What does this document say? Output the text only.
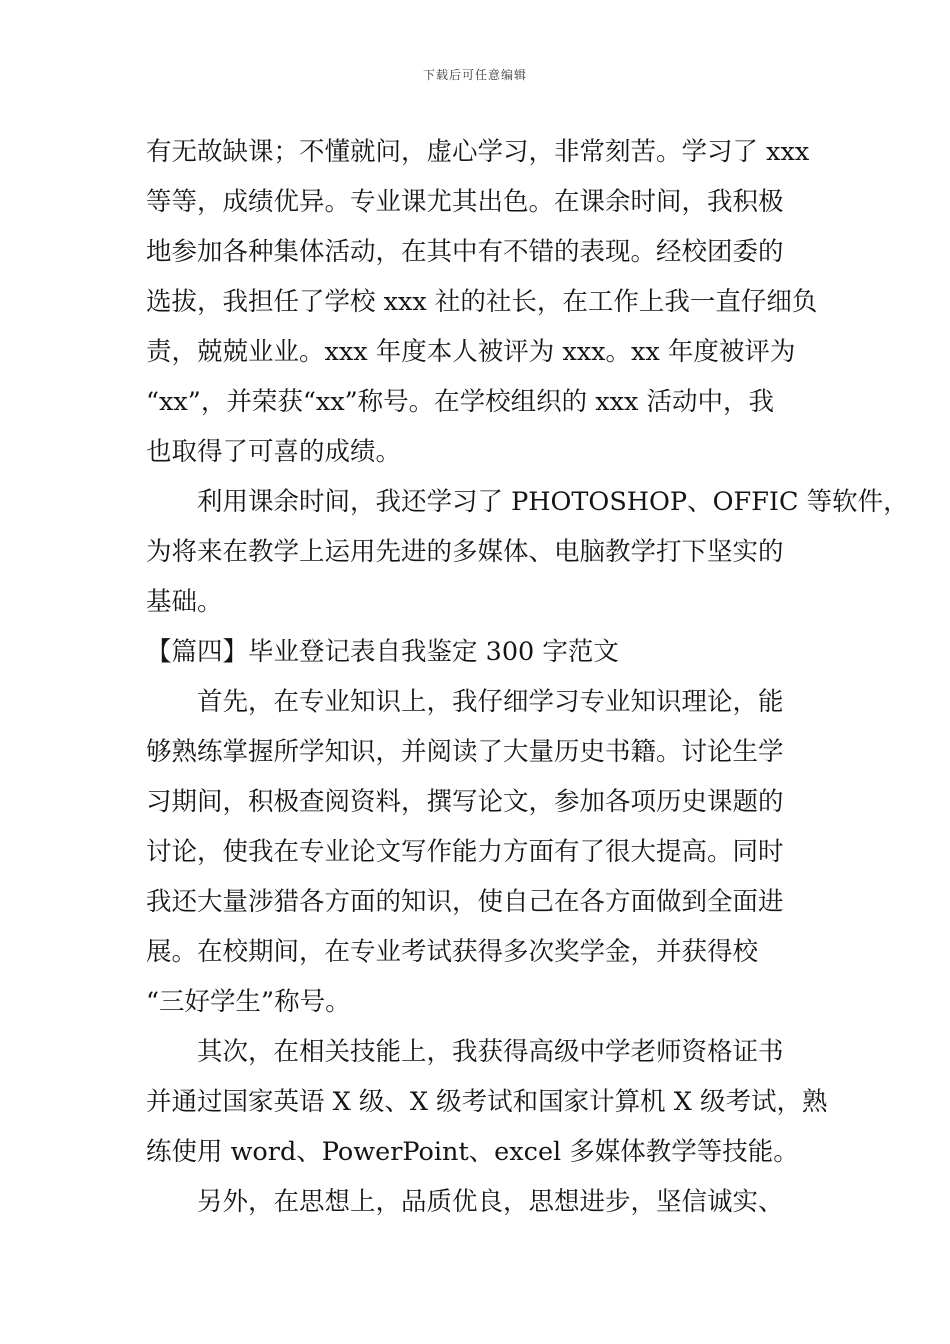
下载后可任意编辑
有无故缺课；不懂就问，虚心学习，非常刻苦。学习了 xxx
等等，成绩优异。专业课尤其出色。在课余时间，我积极
地参加各种集体活动，在其中有不错的表现。经校团委的
选拔，我担任了学校 xxx 社的社长，在工作上我一直仔细负
责，兢兢业业。xxx 年度本人被评为 xxx。xx 年度被评为
“xx”，并荣获“xx”称号。在学校组织的 xxx 活动中，我
也取得了可喜的成绩。
利用课余时间，我还学习了 PHOTOSHOP、OFFIC 等软件，
为将来在教学上运用先进的多媒体、电脑教学打下坚实的
基础。
【篇四】毕业登记表自我鉴定 300 字范文
首先，在专业知识上，我仔细学习专业知识理论，能
够熟练掌握所学知识，并阅读了大量历史书籍。讨论生学
习期间，积极查阅资料，撰写论文，参加各项历史课题的
讨论，使我在专业论文写作能力方面有了很大提高。同时
我还大量涉猎各方面的知识，使自己在各方面做到全面进
展。在校期间，在专业考试获得多次奖学金，并获得校
“三好学生”称号。
其次，在相关技能上，我获得高级中学老师资格证书
并通过国家英语 X 级、X 级考试和国家计算机 X 级考试，熟
练使用 word、PowerPoint、excel 多媒体教学等技能。
另外，在思想上，品质优良，思想进步，坚信诚实、
